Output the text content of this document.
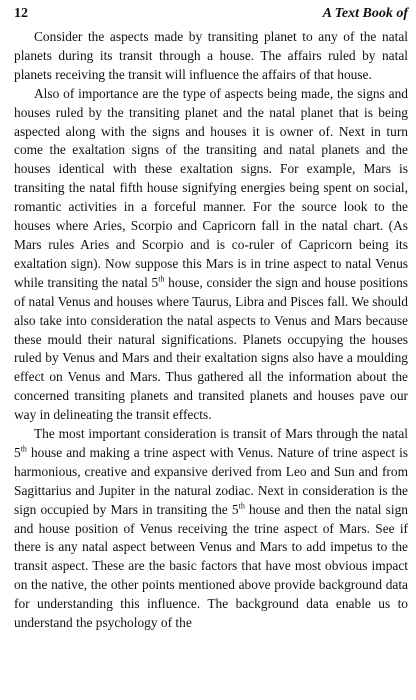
12	A Text Book of

Consider the aspects made by transiting planet to any of the natal planets during its transit through a house. The affairs ruled by natal planets receiving the transit will influence the affairs of that house.

Also of importance are the type of aspects being made, the signs and houses ruled by the transiting planet and the natal planet that is being aspected along with the signs and houses it is owner of. Next in turn come the exaltation signs of the transiting and natal planets and the houses identical with these exaltation signs. For example, Mars is transiting the natal fifth house signifying energies being spent on social, romantic activities in a forceful manner. For the source look to the houses where Aries, Scorpio and Capricorn fall in the natal chart. (As Mars rules Aries and Scorpio and is co-ruler of Capricorn being its exaltation sign). Now suppose this Mars is in trine aspect to natal Venus while transiting the natal 5th house, consider the sign and house positions of natal Venus and houses where Taurus, Libra and Pisces fall. We should also take into consideration the natal aspects to Venus and Mars because these mould their natural significations. Planets occupying the houses ruled by Venus and Mars and their exaltation signs also have a moulding effect on Venus and Mars. Thus gathered all the information about the concerned transiting planets and transited planets and houses pave our way in delineating the transit effects.

The most important consideration is transit of Mars through the natal 5th house and making a trine aspect with Venus. Nature of trine aspect is harmonious, creative and expansive derived from Leo and Sun and from Sagittarius and Jupiter in the natural zodiac. Next in consideration is the sign occupied by Mars in transiting the 5th house and then the natal sign and house position of Venus receiving the trine aspect of Mars. See if there is any natal aspect between Venus and Mars to add impetus to the transit aspect. These are the basic factors that have most obvious impact on the native, the other points mentioned above provide background data for understanding this influence. The background data enable us to understand the psychology of the
